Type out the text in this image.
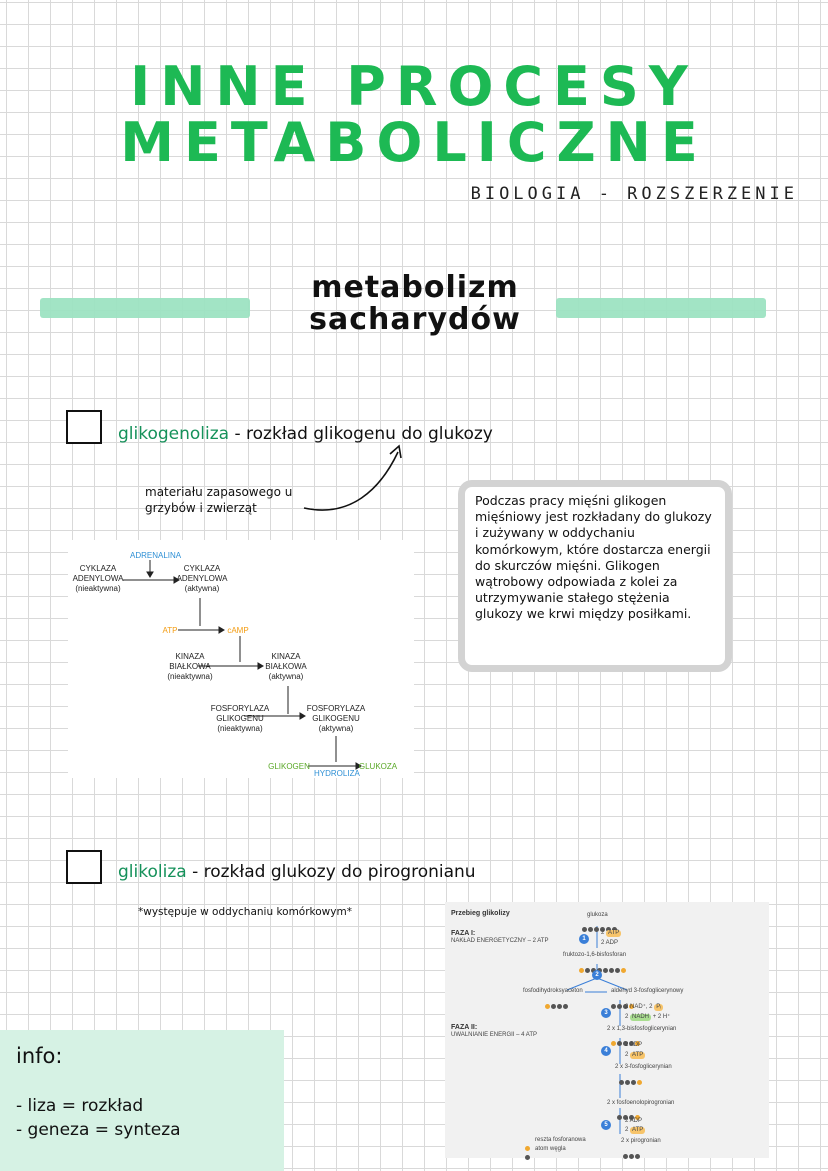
INNE PROCESY
METABOLICZNE
BIOLOGIA - ROZSZERZENIE
metabolizm
sacharydów
glikogenoliza - rozkład glikogenu do glukozy
materiału zapasowego u
grzybów i zwierząt	Podczas pracy mięśni glikogen mięśniowy jest rozkładany do glukozy i zużywany w oddychaniu komórkowym, które dostarcza energii do skurczów mięśni. Glikogen wątrobowy odpowiada z kolei za utrzymywanie stałego stężenia glukozy we krwi między posiłkami.
ADRENALINA
CYKLAZA
ADENYLOWA
(nieaktywna)
CYKLAZA
ADENYLOWA
(aktywna)
ATP	cAMP
KINAZA
BIAŁKOWA
(nieaktywna)
KINAZA
BIAŁKOWA
(aktywna)
FOSFORYLAZA
GLIKOGENU
(nieaktywna)
FOSFORYLAZA
GLIKOGENU
(aktywna)
GLIKOGEN
HYDROLIZA
GLUKOZA
glikoliza - rozkład glukozy do pirogronianu
*występuje w oddychaniu komórkowym*	Przebieg glikolizy	glukoza
FAZA I:
NAKŁAD ENERGETYCZNY – 2 ATP	1
2 ATP
2 ADP
fruktozo-1,6-bisfosforan
2
fosfodihydroksyaceton	aldehyd 3-fosfoglicerynowy
3
2 NAD⁺, 2 Pᵢ
2 NADH + 2 H⁺
FAZA II:
UWALNIANIE ENERGII – 4 ATP
2 x 1,3-bisfosfoglicerynian
4
2 ADP
2 ATP
2 x 3-fosfoglicerynian
2 x fosfoenolopirogronian
5
2 ADP
2 ATP
2 x pirogronian
reszta fosforanowa
atom węgla
info:
- liza = rozkład
- geneza = synteza
